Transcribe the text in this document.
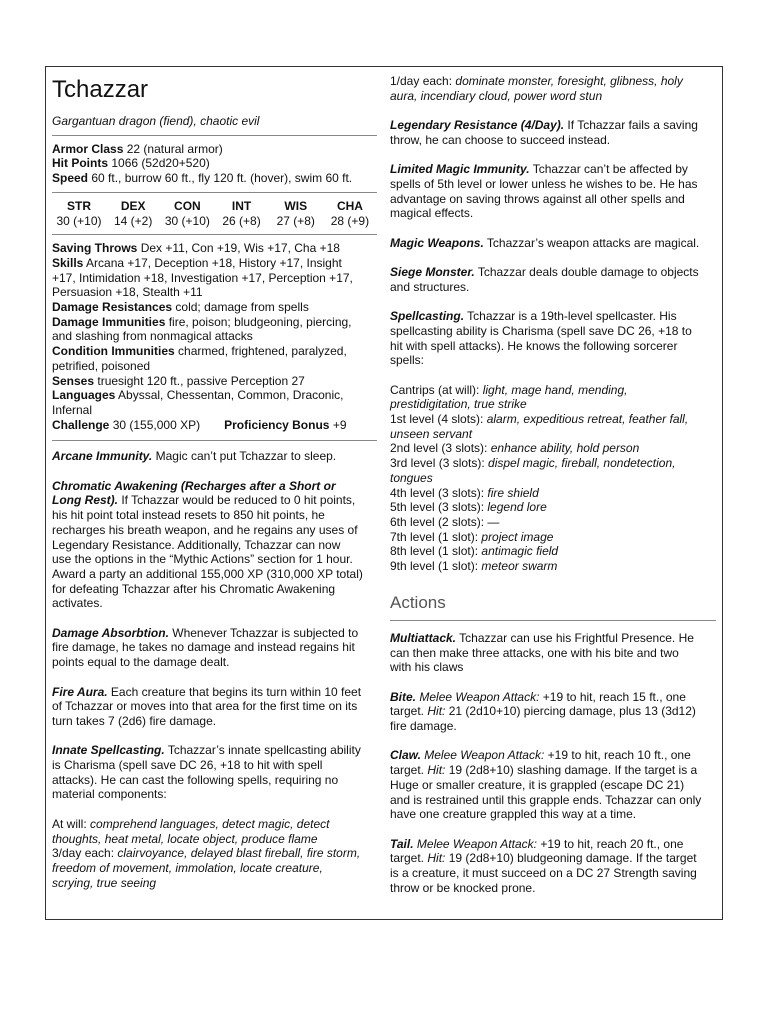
Tchazzar
Gargantuan dragon (fiend), chaotic evil
Armor Class 22 (natural armor)
Hit Points 1066 (52d20+520)
Speed 60 ft., burrow 60 ft., fly 120 ft. (hover), swim 60 ft.
STR
30 (+10)
DEX
14 (+2)
CON
30 (+10)
INT
26 (+8)
WIS
27 (+8)
CHA
28 (+9)
Saving Throws Dex +11, Con +19, Wis +17, Cha +18
Skills Arcana +17, Deception +18, History +17, Insight
+17, Intimidation +18, Investigation +17, Perception +17,
Persuasion +18, Stealth +11
Damage Resistances cold; damage from spells
Damage Immunities fire, poison; bludgeoning, piercing,
and slashing from nonmagical attacks
Condition Immunities charmed, frightened, paralyzed,
petrified, poisoned
Senses truesight 120 ft., passive Perception 27
Languages Abyssal, Chessentan, Common, Draconic,
Infernal
Challenge 30 (155,000 XP) Proficiency Bonus +9
Arcane Immunity. Magic can’t put Tchazzar to sleep.
Chromatic Awakening (Recharges after a Short or
Long Rest). If Tchazzar would be reduced to 0 hit points,
his hit point total instead resets to 850 hit points, he
recharges his breath weapon, and he regains any uses of
Legendary Resistance. Additionally, Tchazzar can now
use the options in the “Mythic Actions” section for 1 hour.
Award a party an additional 155,000 XP (310,000 XP total)
for defeating Tchazzar after his Chromatic Awakening
activates.
Damage Absorbtion. Whenever Tchazzar is subjected to
fire damage, he takes no damage and instead regains hit
points equal to the damage dealt.
Fire Aura. Each creature that begins its turn within 10 feet
of Tchazzar or moves into that area for the first time on its
turn takes 7 (2d6) fire damage.
Innate Spellcasting. Tchazzar’s innate spellcasting ability
is Charisma (spell save DC 26, +18 to hit with spell
attacks). He can cast the following spells, requiring no
material components:
At will: comprehend languages, detect magic, detect
thoughts, heat metal, locate object, produce flame
3/day each: clairvoyance, delayed blast fireball, fire storm,
freedom of movement, immolation, locate creature,
scrying, true seeing
1/day each: dominate monster, foresight, glibness, holy
aura, incendiary cloud, power word stun
Legendary Resistance (4/Day). If Tchazzar fails a saving
throw, he can choose to succeed instead.
Limited Magic Immunity. Tchazzar can’t be affected by
spells of 5th level or lower unless he wishes to be. He has
advantage on saving throws against all other spells and
magical effects.
Magic Weapons. Tchazzar’s weapon attacks are magical.
Siege Monster. Tchazzar deals double damage to objects
and structures.
Spellcasting. Tchazzar is a 19th-level spellcaster. His
spellcasting ability is Charisma (spell save DC 26, +18 to
hit with spell attacks). He knows the following sorcerer
spells:
Cantrips (at will): light, mage hand, mending,
prestidigitation, true strike
1st level (4 slots): alarm, expeditious retreat, feather fall,
unseen servant
2nd level (3 slots): enhance ability, hold person
3rd level (3 slots): dispel magic, fireball, nondetection,
tongues
4th level (3 slots): fire shield
5th level (3 slots): legend lore
6th level (2 slots): —
7th level (1 slot): project image
8th level (1 slot): antimagic field
9th level (1 slot): meteor swarm
Actions
Multiattack. Tchazzar can use his Frightful Presence. He
can then make three attacks, one with his bite and two
with his claws
Bite. Melee Weapon Attack: +19 to hit, reach 15 ft., one
target. Hit: 21 (2d10+10) piercing damage, plus 13 (3d12)
fire damage.
Claw. Melee Weapon Attack: +19 to hit, reach 10 ft., one
target. Hit: 19 (2d8+10) slashing damage. If the target is a
Huge or smaller creature, it is grappled (escape DC 21)
and is restrained until this grapple ends. Tchazzar can only
have one creature grappled this way at a time.
Tail. Melee Weapon Attack: +19 to hit, reach 20 ft., one
target. Hit: 19 (2d8+10) bludgeoning damage. If the target
is a creature, it must succeed on a DC 27 Strength saving
throw or be knocked prone.
